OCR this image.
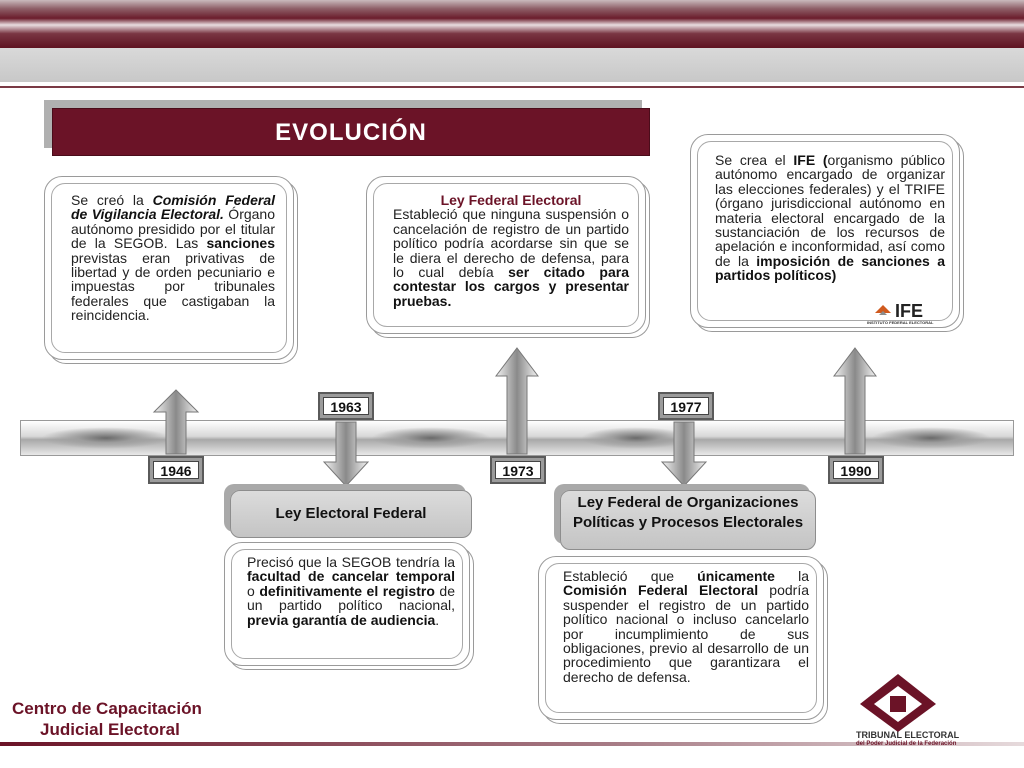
EVOLUCIÓN
Se creó la Comisión Federal de Vigilancia Electoral. Órgano autónomo presidido por el titular de la SEGOB. Las sanciones previstas eran privativas de libertad y de orden pecuniario e impuestas por tribunales federales que castigaban la reincidencia.
Ley Federal Electoral
Estableció que ninguna suspensión o cancelación de registro de un partido político podría acordarse sin que se le diera el derecho de defensa, para lo cual debía ser citado para contestar los cargos y presentar pruebas.
Se crea el IFE (organismo público autónomo encargado de organizar las elecciones federales) y el TRIFE (órgano jurisdiccional autónomo en materia electoral encargado de la sustanciación de los recursos de apelación e inconformidad, así como de la imposición de sanciones a partidos políticos)
IFE
INSTITUTO FEDERAL ELECTORAL
1946
1963
1973
1977
1990
Ley Electoral Federal
Precisó que la SEGOB tendría la facultad de cancelar temporal o definitivamente el registro de un partido político nacional, previa garantía de audiencia.
Ley Federal de Organizaciones Políticas y Procesos Electorales
Estableció que únicamente la Comisión Federal Electoral podría suspender el registro de un partido político nacional o incluso cancelarlo por incumplimiento de sus obligaciones, previo al desarrollo de un procedimiento que garantizara el derecho de defensa.
Centro de Capacitación
Judicial Electoral	TRIBUNAL ELECTORAL
del Poder Judicial de la Federación
